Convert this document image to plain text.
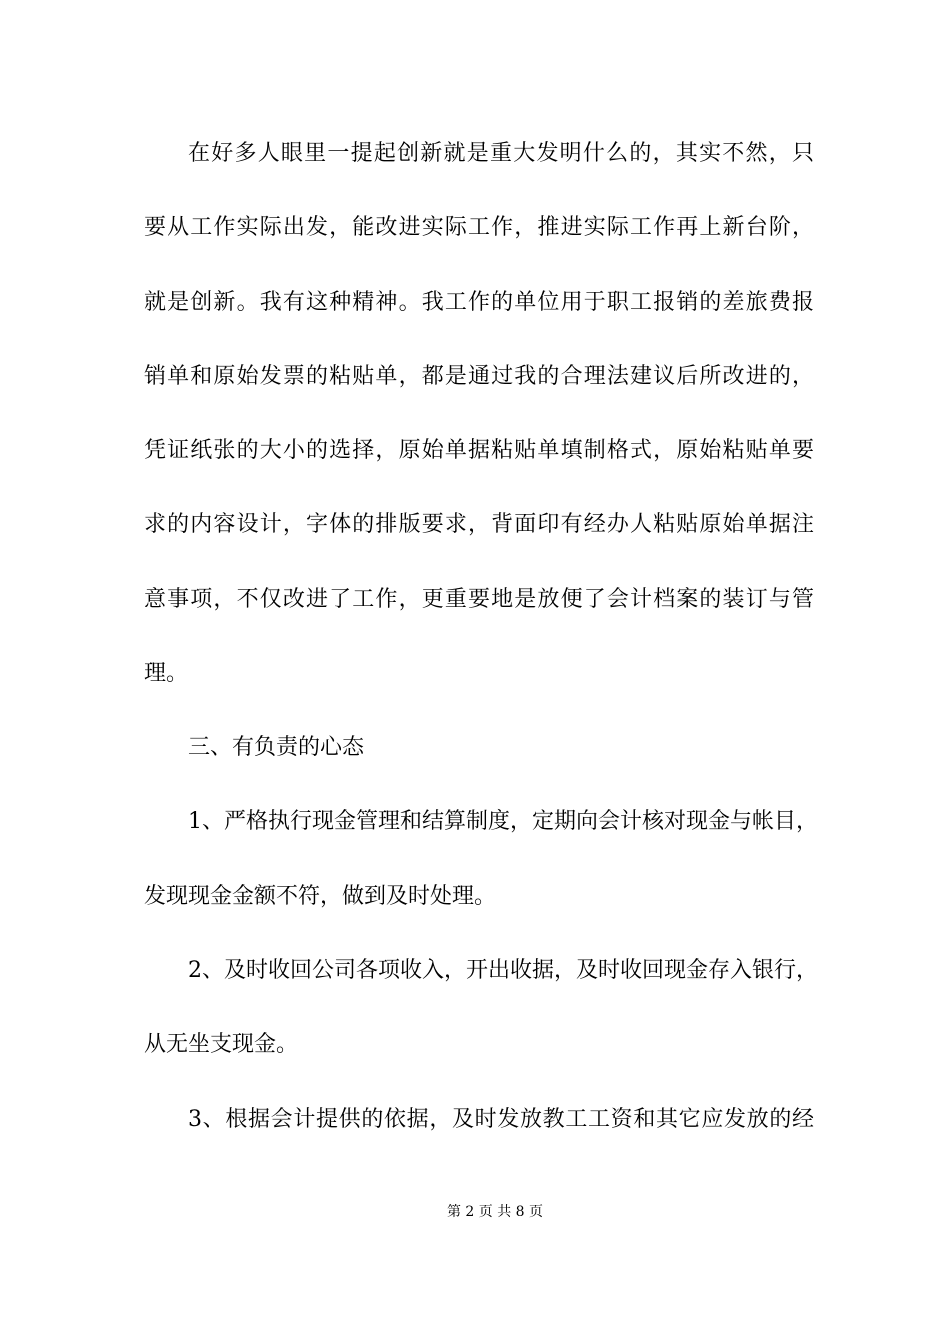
在好多人眼里一提起创新就是重大发明什么的，其实不然，只
要从工作实际出发，能改进实际工作，推进实际工作再上新台阶，
就是创新。我有这种精神。我工作的单位用于职工报销的差旅费报
销单和原始发票的粘贴单，都是通过我的合理法建议后所改进的，
凭证纸张的大小的选择，原始单据粘贴单填制格式，原始粘贴单要
求的内容设计，字体的排版要求，背面印有经办人粘贴原始单据注
意事项，不仅改进了工作，更重要地是放便了会计档案的装订与管
理。
三、有负责的心态
1、严格执行现金管理和结算制度，定期向会计核对现金与帐目，
发现现金金额不符，做到及时处理。
2、及时收回公司各项收入，开出收据，及时收回现金存入银行，
从无坐支现金。
3、根据会计提供的依据，及时发放教工工资和其它应发放的经
第 2 页 共 8 页
